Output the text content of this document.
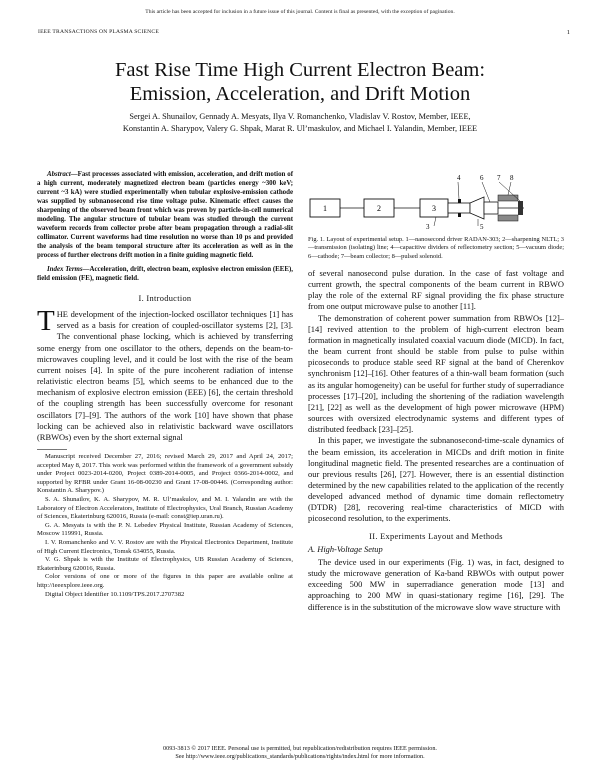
This article has been accepted for inclusion in a future issue of this journal. Content is final as presented, with the exception of pagination.
IEEE TRANSACTIONS ON PLASMA SCIENCE	1
Fast Rise Time High Current Electron Beam:
Emission, Acceleration, and Drift Motion
Sergei A. Shunailov, Gennady A. Mesyats, Ilya V. Romanchenko, Vladislav V. Rostov, Member, IEEE,
Konstantin A. Sharypov, Valery G. Shpak, Marat R. Ul’maskulov, and Michael I. Yalandin, Member, IEEE
Abstract—Fast processes associated with emission, acceleration, and drift motion of a high current, moderately magnetized electron beam (particles energy ~300 keV; current ~3 kA) were studied experimentally when tubular explosive-emission cathode was supplied by subnanosecond rise time voltage pulse. Kinematic effect causes the sharpening of the observed beam front which was proven by particle-in-cell numerical modeling. The angular structure of tubular beam was studied through the current waveform records from collector probe after beam propagation through a radial-slit collimator. Current waveforms had time resolution no worse than 10 ps and provided the analysis of the beam temporal structure after its acceleration as well as in the process of further electrons drift motion in a finite guiding magnetic field.
Index Terms—Acceleration, drift, electron beam, explosive electron emission (EEE), field emission (FE), magnetic field.
I. Introduction
THE development of the injection-locked oscillator techniques [1] has served as a basis for creation of coupled-oscillator systems [2], [3]. The conventional phase locking, which is achieved by transferring some energy from one oscillator to the others, depends on the beam-to-microwaves coupling level, and it could be lost with the rise of the beam current noises [4]. In spite of the pure incoherent radiation of intense relativistic electron beams [5], which seems to be enhanced due to the mechanism of explosive electron emission (EEE) [6], the certain threshold of the coupling strength has been successfully overcome for resonant oscillators [7]–[9]. The authors of the work [10] have shown that phase locking can be achieved also in relativistic backward wave oscillators (RBWOs) even by the short external signal

Manuscript received December 27, 2016; revised March 29, 2017 and April 24, 2017; accepted May 8, 2017. This work was performed within the framework of a government subsidy under Project 0023-2014-0200, Project 0389-2014-0005, and Project 0366-2014-0002, and supported by RFBR under Grant 16-08-00230 and Grant 17-08-00446. (Corresponding author: Konstantin A. Sharypov.)

S. A. Shunailov, K. A. Sharypov, M. R. Ul’maskulov, and M. I. Yalandin are with the Laboratory of Electron Accelerators, Institute of Electrophysics, Ural Branch, Russian Academy of Sciences, Ekaterinburg 620016, Russia (e-mail: const@iep.uran.ru).

G. A. Mesyats is with the P. N. Lebedev Physical Institute, Russian Academy of Sciences, Moscow 119991, Russia.

I. V. Romanchenko and V. V. Rostov are with the Physical Electronics Department, Institute of High Current Electronics, Tomsk 634055, Russia.

V. G. Shpak is with the Institute of Electrophysics, UB Russian Academy of Sciences, Ekaterinburg 620016, Russia.

Color versions of one or more of the figures in this paper are available online at http://ieeexplore.ieee.org.

Digital Object Identifier 10.1109/TPS.2017.2707382

1	2	3
4	6 7 8
5
3
Fig. 1. Layout of experimental setup. 1—nanosecond driver RADAN-303; 2—sharpening NLTL; 3—transmission (isolating) line; 4—capacitive dividers of reflectometry section; 5—vacuum diode; 6—cathode; 7—beam collector; 8—pulsed solenoid.

of several nanosecond pulse duration. In the case of fast voltage and current growth, the spectral components of the beam current in RBWO play the role of the external RF signal providing the fix phase structure from one output microwave pulse to another [11].

The demonstration of coherent power summation from RBWOs [12]–[14] revived attention to the problem of high-current electron beam formation in magnetically insulated coaxial vacuum diode (MICD). In fact, the beam current front should be stable from pulse to pulse within picoseconds to produce stable seed RF signal at the band of Cherenkov synchronism [12]–[16]. Other features of a thin-wall beam formation (such as its angular homogeneity) can be useful for further study of superradiance processes [17]–[20], including the shortening of the radiation wavelength [21], [22] as well as the development of high power microwave (HPM) sources with oversized electrodynamic systems and different types of distributed feedback [23]–[25].

In this paper, we investigate the subnanosecond-time-scale dynamics of the beam emission, its acceleration in MICDs and drift motion in finite longitudinal magnetic field. The presented researches are a continuation of our previous results [26], [27]. However, there is an essential distinction determined by the new capabilities related to the application of the recently developed advanced method of dynamic time domain reflectometry (DTDR) [28], recovering real-time characteristics of MICD with picosecond resolution, to the experiments.

II. Experiments Layout and Methods
A. High-Voltage Setup

The device used in our experiments (Fig. 1) was, in fact, designed to study the microwave generation of Ka-band RBWOs with output power exceeding 500 MW in superradiance generation mode [13] and approaching to 200 MW in quasi-stationary regime [16], [29]. The difference is in the substitution of the microwave slow wave structure with

0093-3813 © 2017 IEEE. Personal use is permitted, but republication/redistribution requires IEEE permission.
See http://www.ieee.org/publications_standards/publications/rights/index.html for more information.
